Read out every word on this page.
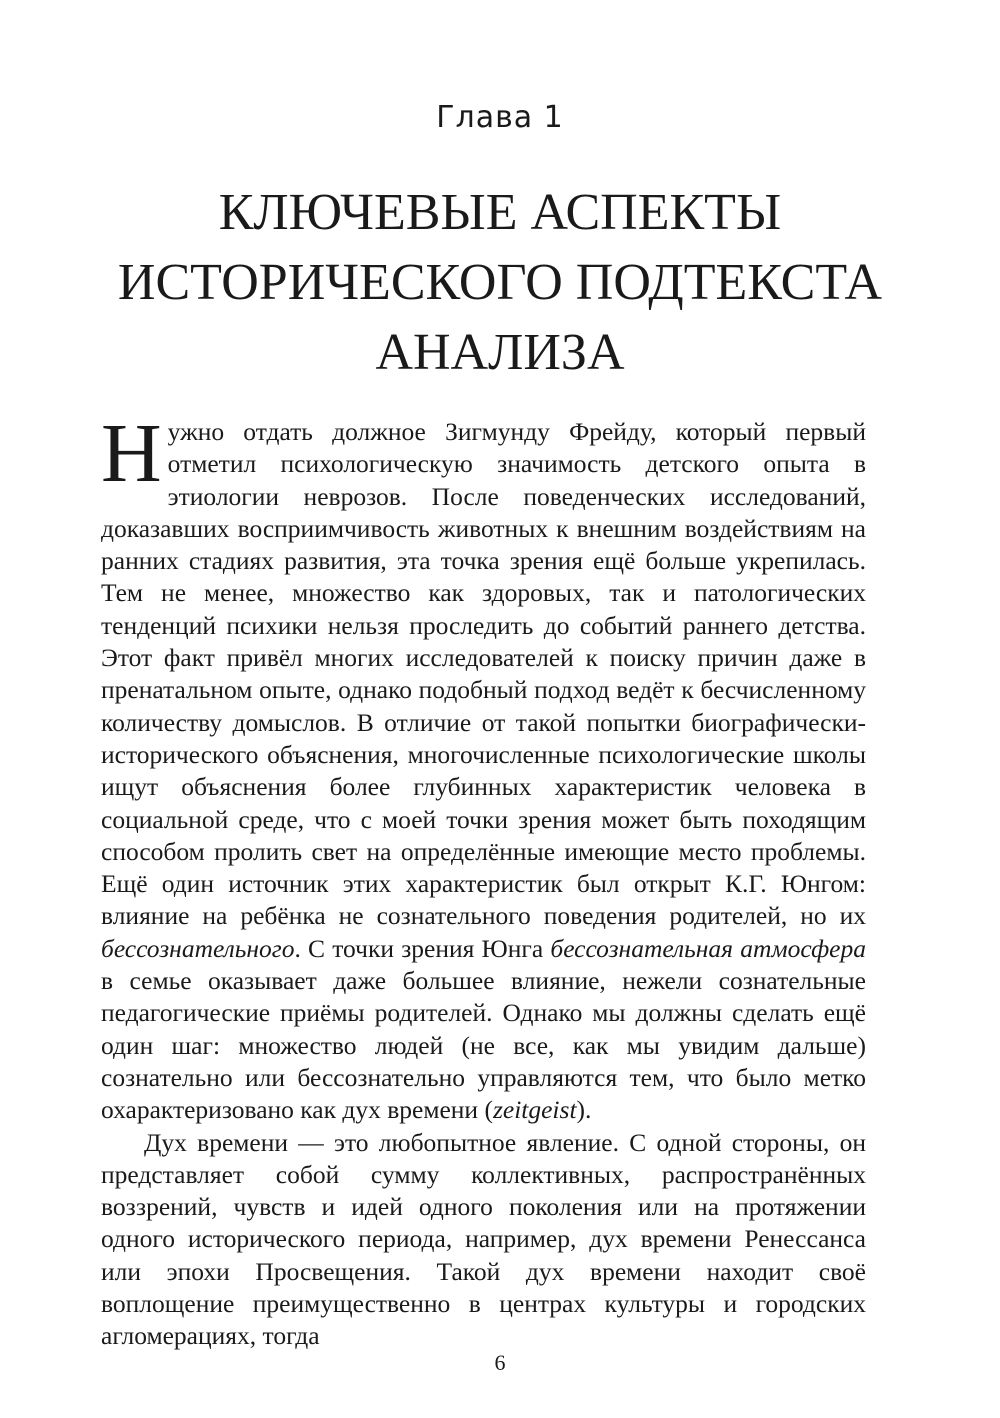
Глава 1
КЛЮЧЕВЫЕ АСПЕКТЫ
ИСТОРИЧЕСКОГО ПОДТЕКСТА
АНАЛИЗА

Нужно отдать должное Зигмунду Фрейду, который первый отметил психологическую значимость детского опыта в этиологии неврозов. После поведенческих исследований, доказавших восприимчивость животных к внешним воздействиям на ранних стадиях развития, эта точка зрения ещё больше укрепилась. Тем не менее, множество как здоровых, так и патологических тенденций психики нельзя проследить до событий раннего детства. Этот факт привёл многих исследователей к поиску причин даже в пренатальном опыте, однако подобный подход ведёт к бесчисленному количеству домыслов. В отличие от такой попытки биографически-исторического объяснения, многочисленные психологические школы ищут объяснения более глубинных характеристик человека в социальной среде, что с моей точки зрения может быть походящим способом пролить свет на определённые имеющие место проблемы. Ещё один источник этих характеристик был открыт К.Г. Юнгом: влияние на ребёнка не сознательного поведения родителей, но их бессознательного. С точки зрения Юнга бессознательная атмосфера в семье оказывает даже большее влияние, нежели сознательные педагогические приёмы родителей. Однако мы должны сделать ещё один шаг: множество людей (не все, как мы увидим дальше) сознательно или бессознательно управляются тем, что было метко охарактеризовано как дух времени (zeitgeist).

Дух времени — это любопытное явление. С одной стороны, он представляет собой сумму коллективных, распространённых воззрений, чувств и идей одного поколения или на протяжении одного исторического периода, например, дух времени Ренессанса или эпохи Просвещения. Такой дух времени находит своё воплощение преимущественно в центрах культуры и городских агломерациях, тогда

6
